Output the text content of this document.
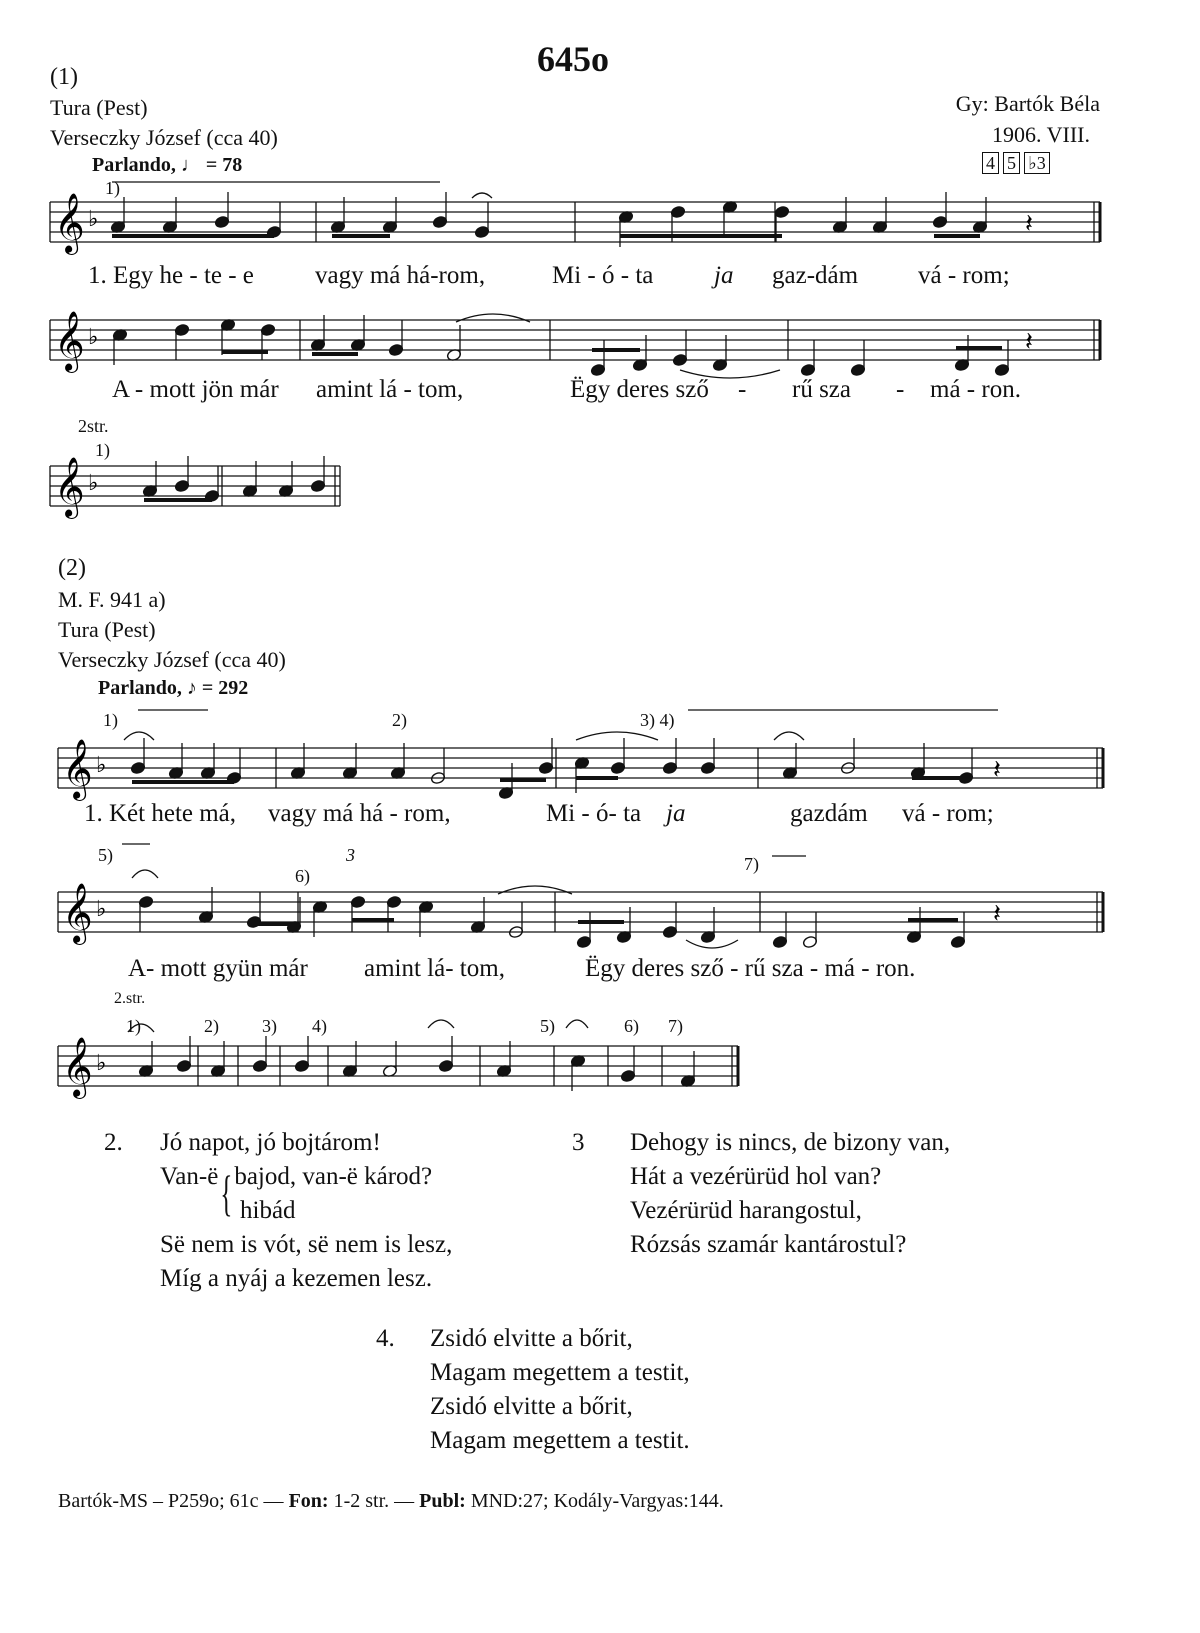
645o
Gy: Bartók Béla
1906. VIII.
4 5 ♭3
(1)
Tura (Pest)
Verseczky József (cca 40)
Parlando, ♩ = 78
1)
𝄞 ♭	𝄽
1. Egy he - te - e vagy má há-rom,	Mi - ó - ta ja gaz-dám vá - rom;
𝄞 ♭	𝄽
A - mott jön már amint lá - tom,	Ëgy deres sző - rű sza - má - ron.
2str.
1)
𝄞 ♭
(2)
M. F. 941 a)
Tura (Pest)
Verseczky József (cca 40)
Parlando, ♪ = 292
1)	2)	3) 4)
𝄞 ♭	𝄽
1. Két hete má, vagy má há - rom,	Mi - ó- ta ja	gazdám vá - rom;
5)
6)
3	7)
𝄞 ♭	𝄽
A- mott gyün már amint lá- tom,	Ëgy deres sző - rű sza - má - ron.
2.str.
1)	2) 3) 4)	5)	6) 7)
𝄞 ♭
2. Jó napot, jó bojtárom!
Van-ë{bajod, van-ë károd?
hibád
Së nem is vót, së nem is lesz,
Míg a nyáj a kezemen lesz.
3 Dehogy is nincs, de bizony van,
Hát a vezérürüd hol van?
Vezérürüd harangostul,
Rózsás szamár kantárostul?
4. Zsidó elvitte a bőrit,
Magam megettem a testit,
Zsidó elvitte a bőrit,
Magam megettem a testit.
Bartók-MS – P259o; 61c — Fon: 1-2 str. — Publ: MND:27; Kodály-Vargyas:144.
